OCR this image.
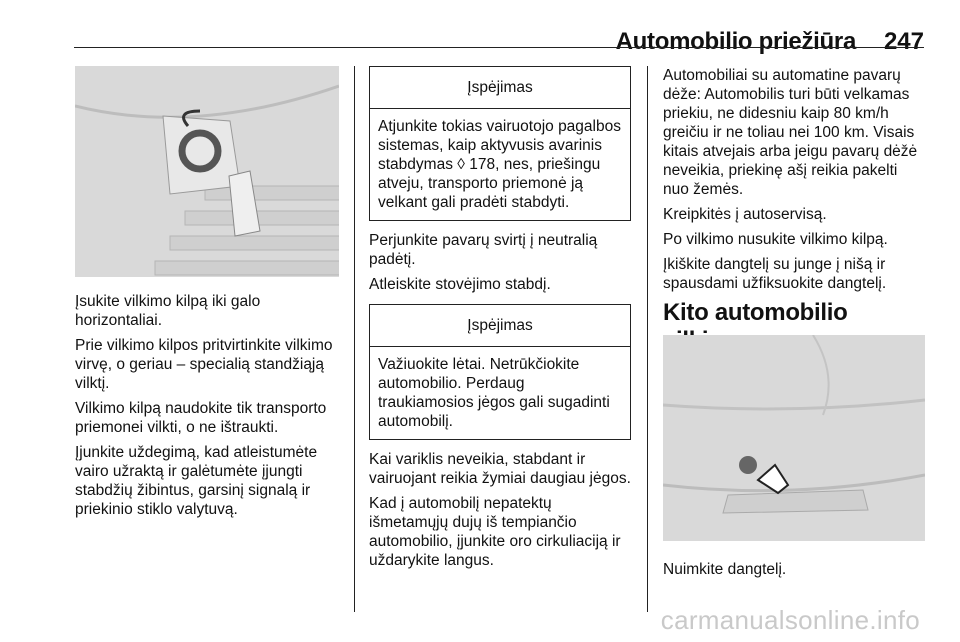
Automobilio priežiūra 247

Įsukite vilkimo kilpą iki galo horizontaliai.

Prie vilkimo kilpos pritvirtinkite vilkimo virvę, o geriau – specialią standžiąją vilktį.

Vilkimo kilpą naudokite tik transporto priemonei vilkti, o ne ištraukti.

Įjunkite uždegimą, kad atleistumėte vairo užraktą ir galėtumėte įjungti stabdžių žibintus, garsinį signalą ir priekinio stiklo valytuvą.

Įspėjimas
Atjunkite tokias vairuotojo pagalbos sistemas, kaip aktyvusis avarinis stabdymas ◊ 178, nes, priešingu atveju, transporto priemonė ją velkant gali pradėti stabdyti.

Perjunkite pavarų svirtį į neutralią padėtį.

Atleiskite stovėjimo stabdį.

Įspėjimas
Važiuokite lėtai. Netrūkčiokite automobilio. Perdaug traukiamosios jėgos gali sugadinti automobilį.

Kai variklis neveikia, stabdant ir vairuojant reikia žymiai daugiau jėgos.

Kad į automobilį nepatektų išmetamųjų dujų iš tempiančio automobilio, įjunkite oro cirkuliaciją ir uždarykite langus.

Automobiliai su automatine pavarų dėže: Automobilis turi būti velkamas priekiu, ne didesniu kaip 80 km/h greičiu ir ne toliau nei 100 km. Visais kitais atvejais arba jeigu pavarų dėžė neveikia, priekinę ašį reikia pakelti nuo žemės.

Kreipkitės į autoservisą.

Po vilkimo nusukite vilkimo kilpą.

Įkiškite dangtelį su junge į nišą ir spausdami užfiksuokite dangtelį.

Kito automobilio

Nuimkite dangtelį.

carmanualsonline.info
